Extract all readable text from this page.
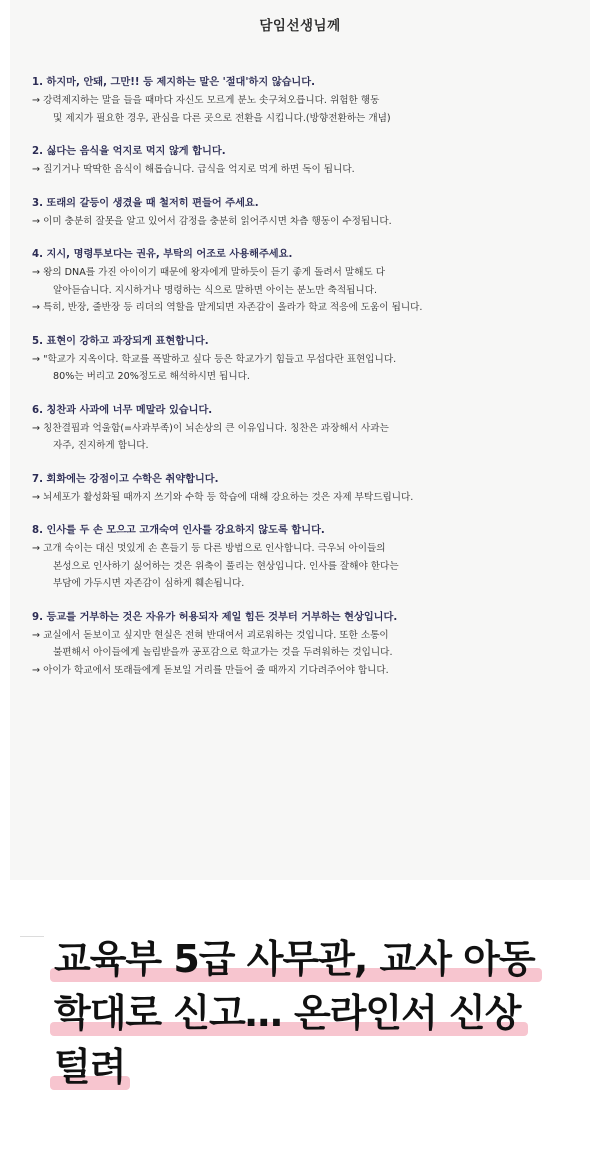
담임선생님께
1. 하지마, 안돼, 그만!! 등 제지하는 말은 '절대'하지 않습니다.
→ 강력제지하는 말을 들을 때마다 자신도 모르게 분노 솟구쳐오릅니다. 위험한 행동
및 제지가 필요한 경우, 관심을 다른 곳으로 전환을 시킵니다.(방향전환하는 개념)
2. 싫다는 음식을 억지로 먹지 않게 합니다.
→ 질기거나 딱딱한 음식이 해롭습니다. 급식을 억지로 먹게 하면 독이 됩니다.
3. 또래의 갈등이 생겼을 때 철저히 편들어 주세요.
→ 이미 충분히 잘못을 알고 있어서 감정을 충분히 읽어주시면 차츰 행동이 수정됩니다.
4. 지시, 명령투보다는 권유, 부탁의 어조로 사용해주세요.
→ 왕의 DNA를 가진 아이이기 때문에 왕자에게 말하듯이 듣기 좋게 돌려서 말해도 다
알아듣습니다. 지시하거나 명령하는 식으로 말하면 아이는 분노만 축적됩니다.
→ 특히, 반장, 줄반장 등 리더의 역할을 맡게되면 자존감이 올라가 학교 적응에 도움이 됩니다.
5. 표현이 강하고 과장되게 표현합니다.
→ "학교가 지옥이다. 학교를 폭발하고 싶다 등은 학교가기 힘들고 무섭다란 표현입니다.
80%는 버리고 20%정도로 해석하시면 됩니다.
6. 칭찬과 사과에 너무 메말라 있습니다.
→ 칭찬결핍과 억울함(=사과부족)이 뇌손상의 큰 이유입니다. 칭찬은 과장해서 사과는
자주, 진지하게 합니다.
7. 회화에는 강점이고 수학은 취약합니다.
→ 뇌세포가 활성화될 때까지 쓰기와 수학 등 학습에 대해 강요하는 것은 자제 부탁드립니다.
8. 인사를 두 손 모으고 고개숙여 인사를 강요하지 않도록 합니다.
→ 고개 숙이는 대신 멋있게 손 흔들기 등 다른 방법으로 인사합니다. 극우뇌 아이들의
본성으로 인사하기 싫어하는 것은 위축이 풀리는 현상입니다. 인사를 잘해야 한다는
부담에 가두시면 자존감이 심하게 훼손됩니다.
9. 등교를 거부하는 것은 자유가 허용되자 제일 힘든 것부터 거부하는 현상입니다.
→ 교실에서 돋보이고 싶지만 현실은 전혀 반대여서 괴로워하는 것입니다. 또한 소통이
불편해서 아이들에게 놀림받을까 공포감으로 학교가는 것을 두려워하는 것입니다.
→ 아이가 학교에서 또래들에게 돋보일 거리를 만들어 줄 때까지 기다려주어야 합니다.
교육부 5급 사무관, 교사 아동
학대로 신고… 온라인서 신상
털려
